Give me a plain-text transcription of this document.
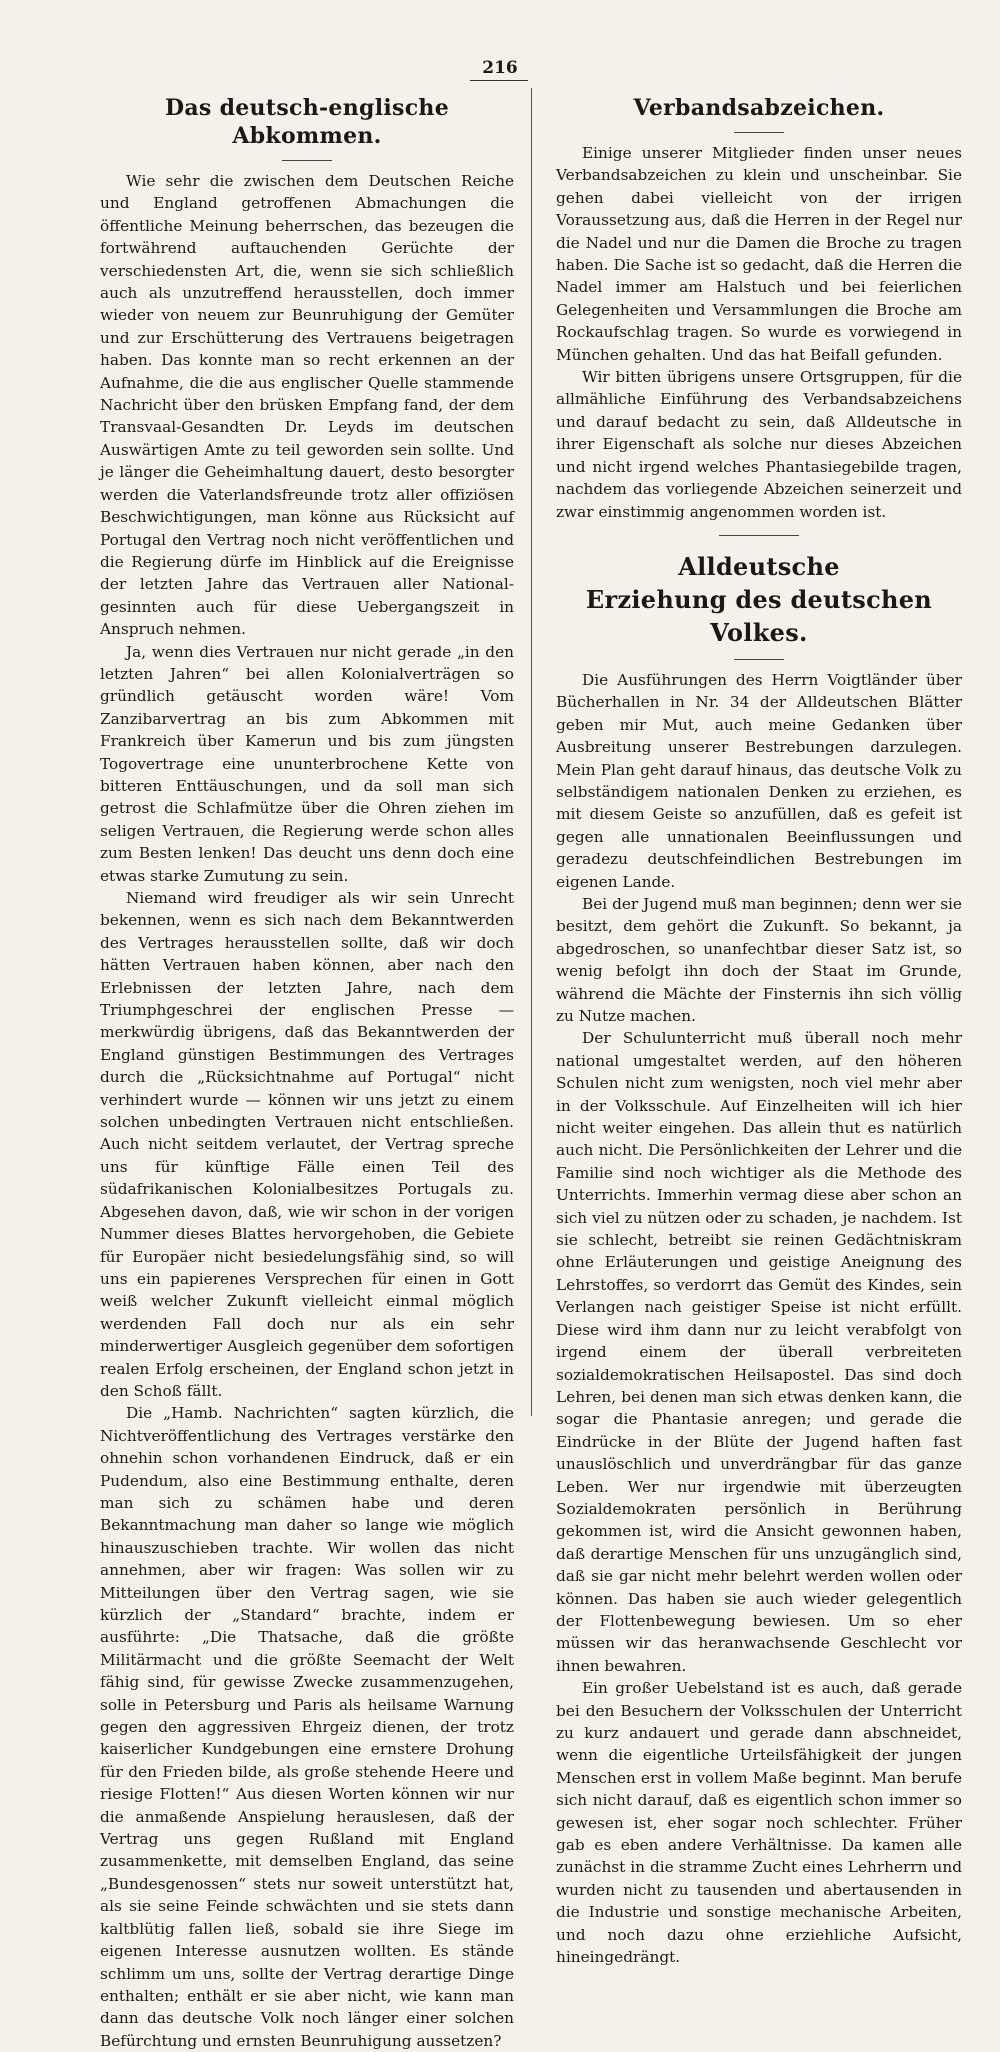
216
Das deutsch-englische Abkommen.

Wie sehr die zwischen dem Deutschen Reiche und England getroffenen Abmachungen die öffentliche Meinung beherrschen, das bezeugen die fortwährend auftauchenden Gerüchte der verschiedensten Art, die, wenn sie sich schließlich auch als unzutreffend herausstellen, doch immer wieder von neuem zur Beunruhigung der Gemüter und zur Erschütterung des Vertrauens beigetragen haben. Das konnte man so recht erkennen an der Aufnahme, die die aus englischer Quelle stammende Nachricht über den brüsken Empfang fand, der dem Transvaal-Gesandten Dr. Leyds im deutschen Auswärtigen Amte zu teil geworden sein sollte. Und je länger die Geheimhaltung dauert, desto besorgter werden die Vaterlandsfreunde trotz aller offiziösen Beschwichtigungen, man könne aus Rücksicht auf Portugal den Vertrag noch nicht veröffentlichen und die Regierung dürfe im Hinblick auf die Ereignisse der letzten Jahre das Vertrauen aller National-gesinnten auch für diese Uebergangszeit in Anspruch nehmen.

Ja, wenn dies Vertrauen nur nicht gerade „in den letzten Jahren“ bei allen Kolonialverträgen so gründlich getäuscht worden wäre! Vom Zanzibarvertrag an bis zum Abkommen mit Frankreich über Kamerun und bis zum jüngsten Togovertrage eine ununterbrochene Kette von bitteren Enttäuschungen, und da soll man sich getrost die Schlafmütze über die Ohren ziehen im seligen Vertrauen, die Regierung werde schon alles zum Besten lenken! Das deucht uns denn doch eine etwas starke Zumutung zu sein.

Niemand wird freudiger als wir sein Unrecht bekennen, wenn es sich nach dem Bekanntwerden des Vertrages herausstellen sollte, daß wir doch hätten Vertrauen haben können, aber nach den Erlebnissen der letzten Jahre, nach dem Triumphgeschrei der englischen Presse — merkwürdig übrigens, daß das Bekanntwerden der England günstigen Bestimmungen des Vertrages durch die „Rücksichtnahme auf Portugal“ nicht verhindert wurde — können wir uns jetzt zu einem solchen unbedingten Vertrauen nicht entschließen. Auch nicht seitdem verlautet, der Vertrag spreche uns für künftige Fälle einen Teil des südafrikanischen Kolonialbesitzes Portugals zu. Abgesehen davon, daß, wie wir schon in der vorigen Nummer dieses Blattes hervorgehoben, die Gebiete für Europäer nicht besiedelungsfähig sind, so will uns ein papierenes Versprechen für einen in Gott weiß welcher Zukunft vielleicht einmal möglich werdenden Fall doch nur als ein sehr minderwertiger Ausgleich gegenüber dem sofortigen realen Erfolg erscheinen, der England schon jetzt in den Schoß fällt.

Die „Hamb. Nachrichten“ sagten kürzlich, die Nichtveröffentlichung des Vertrages verstärke den ohnehin schon vorhandenen Eindruck, daß er ein Pudendum, also eine Bestimmung enthalte, deren man sich zu schämen habe und deren Bekanntmachung man daher so lange wie möglich hinauszuschieben trachte. Wir wollen das nicht annehmen, aber wir fragen: Was sollen wir zu Mitteilungen über den Vertrag sagen, wie sie kürzlich der „Standard“ brachte, indem er ausführte: „Die Thatsache, daß die größte Militärmacht und die größte Seemacht der Welt fähig sind, für gewisse Zwecke zusammenzugehen, solle in Petersburg und Paris als heilsame Warnung gegen den aggressiven Ehrgeiz dienen, der trotz kaiserlicher Kundgebungen eine ernstere Drohung für den Frieden bilde, als große stehende Heere und riesige Flotten!“ Aus diesen Worten können wir nur die anmaßende Anspielung herauslesen, daß der Vertrag uns gegen Rußland mit England zusammenkette, mit demselben England, das seine „Bundesgenossen“ stets nur soweit unterstützt hat, als sie seine Feinde schwächten und sie stets dann kaltblütig fallen ließ, sobald sie ihre Siege im eigenen Interesse ausnutzen wollten. Es stände schlimm um uns, sollte der Vertrag derartige Dinge enthalten; enthält er sie aber nicht, wie kann man dann das deutsche Volk noch länger einer solchen Befürchtung und ernsten Beunruhigung aussetzen?

Verbandsabzeichen.

Einige unserer Mitglieder finden unser neues Verbandsabzeichen zu klein und unscheinbar. Sie gehen dabei vielleicht von der irrigen Voraussetzung aus, daß die Herren in der Regel nur die Nadel und nur die Damen die Broche zu tragen haben. Die Sache ist so gedacht, daß die Herren die Nadel immer am Halstuch und bei feierlichen Gelegenheiten und Versammlungen die Broche am Rockaufschlag tragen. So wurde es vorwiegend in München gehalten. Und das hat Beifall gefunden.

Wir bitten übrigens unsere Ortsgruppen, für die allmähliche Einführung des Verbandsabzeichens und darauf bedacht zu sein, daß Alldeutsche in ihrer Eigenschaft als solche nur dieses Abzeichen und nicht irgend welches Phantasiegebilde tragen, nachdem das vorliegende Abzeichen seinerzeit und zwar einstimmig angenommen worden ist.

Alldeutsche
Erziehung des deutschen Volkes.

Die Ausführungen des Herrn Voigtländer über Bücherhallen in Nr. 34 der Alldeutschen Blätter geben mir Mut, auch meine Gedanken über Ausbreitung unserer Bestrebungen darzulegen. Mein Plan geht darauf hinaus, das deutsche Volk zu selbständigem nationalen Denken zu erziehen, es mit diesem Geiste so anzufüllen, daß es gefeit ist gegen alle unnationalen Beeinflussungen und geradezu deutschfeindlichen Bestrebungen im eigenen Lande.

Bei der Jugend muß man beginnen; denn wer sie besitzt, dem gehört die Zukunft. So bekannt, ja abgedroschen, so unanfechtbar dieser Satz ist, so wenig befolgt ihn doch der Staat im Grunde, während die Mächte der Finsternis ihn sich völlig zu Nutze machen.

Der Schulunterricht muß überall noch mehr national umgestaltet werden, auf den höheren Schulen nicht zum wenigsten, noch viel mehr aber in der Volksschule. Auf Einzelheiten will ich hier nicht weiter eingehen. Das allein thut es natürlich auch nicht. Die Persönlichkeiten der Lehrer und die Familie sind noch wichtiger als die Methode des Unterrichts. Immerhin vermag diese aber schon an sich viel zu nützen oder zu schaden, je nachdem. Ist sie schlecht, betreibt sie reinen Gedächtniskram ohne Erläuterungen und geistige Aneignung des Lehrstoffes, so verdorrt das Gemüt des Kindes, sein Verlangen nach geistiger Speise ist nicht erfüllt. Diese wird ihm dann nur zu leicht verabfolgt von irgend einem der überall verbreiteten sozialdemokratischen Heilsapostel. Das sind doch Lehren, bei denen man sich etwas denken kann, die sogar die Phantasie anregen; und gerade die Eindrücke in der Blüte der Jugend haften fast unauslöschlich und unverdrängbar für das ganze Leben. Wer nur irgendwie mit überzeugten Sozialdemokraten persönlich in Berührung gekommen ist, wird die Ansicht gewonnen haben, daß derartige Menschen für uns unzugänglich sind, daß sie gar nicht mehr belehrt werden wollen oder können. Das haben sie auch wieder gelegentlich der Flottenbewegung bewiesen. Um so eher müssen wir das heranwachsende Geschlecht vor ihnen bewahren.

Ein großer Uebelstand ist es auch, daß gerade bei den Besuchern der Volksschulen der Unterricht zu kurz andauert und gerade dann abschneidet, wenn die eigentliche Urteilsfähigkeit der jungen Menschen erst in vollem Maße beginnt. Man berufe sich nicht darauf, daß es eigentlich schon immer so gewesen ist, eher sogar noch schlechter. Früher gab es eben andere Verhältnisse. Da kamen alle zunächst in die stramme Zucht eines Lehrherrn und wurden nicht zu tausenden und abertausenden in die Industrie und sonstige mechanische Arbeiten, und noch dazu ohne erziehliche Aufsicht, hineingedrängt.
